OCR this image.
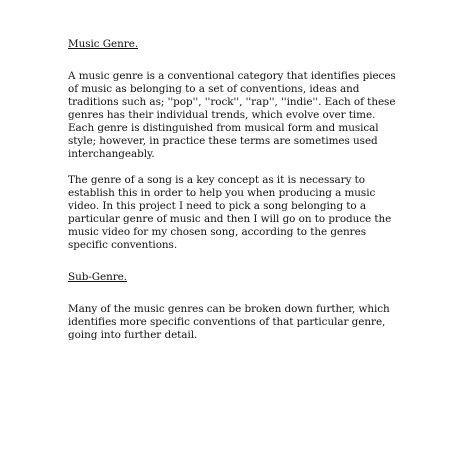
Music Genre.

A music genre is a conventional category that identifies pieces of music as belonging to a set of conventions, ideas and traditions such as; ''pop'', ''rock'', ''rap'', ''indie''. Each of these genres has their individual trends, which evolve over time. Each genre is distinguished from musical form and musical style; however, in practice these terms are sometimes used interchangeably.

The genre of a song is a key concept as it is necessary to establish this in order to help you when producing a music video. In this project I need to pick a song belonging to a particular genre of music and then I will go on to produce the music video for my chosen song, according to the genres specific conventions.

Sub-Genre.

Many of the music genres can be broken down further, which identifies more specific conventions of that particular genre, going into further detail.
